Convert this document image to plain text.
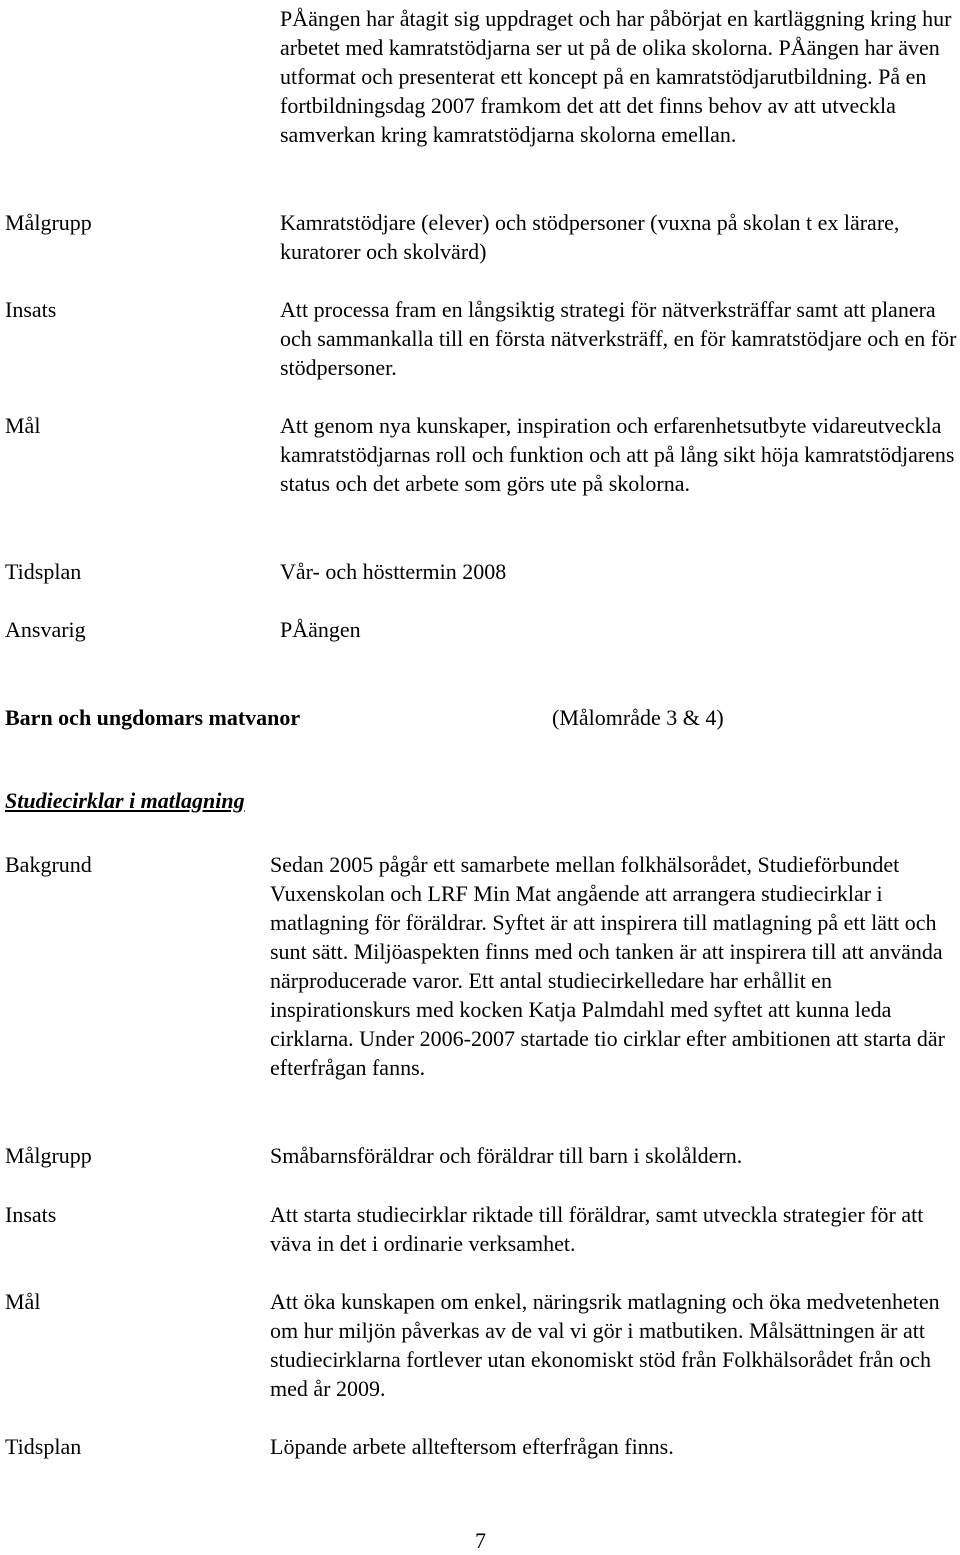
PÅängen har åtagit sig uppdraget och har påbörjat en kartläggning kring hur arbetet med kamratstödjarna ser ut på de olika skolorna. PÅängen har även utformat och presenterat ett koncept på en kamratstödjarutbildning. På en fortbildningsdag 2007 framkom det att det finns behov av att utveckla samverkan kring kamratstödjarna skolorna emellan.

Målgrupp	Kamratstödjare (elever) och stödpersoner (vuxna på skolan t ex lärare, kuratorer och skolvärd)

Insats	Att processa fram en långsiktig strategi för nätverksträffar samt att planera och sammankalla till en första nätverksträff, en för kamratstödjare och en för stödpersoner.

Mål	Att genom nya kunskaper, inspiration och erfarenhetsutbyte vidareutveckla kamratstödjarnas roll och funktion och att på lång sikt höja kamratstödjarens status och det arbete som görs ute på skolorna.

Tidsplan	Vår- och hösttermin 2008

Ansvarig	PÅängen

Barn och ungdomars matvanor	(Målområde 3 & 4)

Studiecirklar i matlagning

Bakgrund	Sedan 2005 pågår ett samarbete mellan folkhälsorådet, Studieförbundet Vuxenskolan och LRF Min Mat angående att arrangera studiecirklar i matlagning för föräldrar. Syftet är att inspirera till matlagning på ett lätt och sunt sätt. Miljöaspekten finns med och tanken är att inspirera till att använda närproducerade varor. Ett antal studiecirkelledare har erhållit en inspirationskurs med kocken Katja Palmdahl med syftet att kunna leda cirklarna. Under 2006-2007 startade tio cirklar efter ambitionen att starta där efterfrågan fanns.

Målgrupp	Småbarnsföräldrar och föräldrar till barn i skolåldern.

Insats	Att starta studiecirklar riktade till föräldrar, samt utveckla strategier för att väva in det i ordinarie verksamhet.

Mål	Att öka kunskapen om enkel, näringsrik matlagning och öka medvetenheten om hur miljön påverkas av de val vi gör i matbutiken. Målsättningen är att studiecirklarna fortlever utan ekonomiskt stöd från Folkhälsorådet från och med år 2009.

Tidsplan	Löpande arbete allteftersom efterfrågan finns.

7
